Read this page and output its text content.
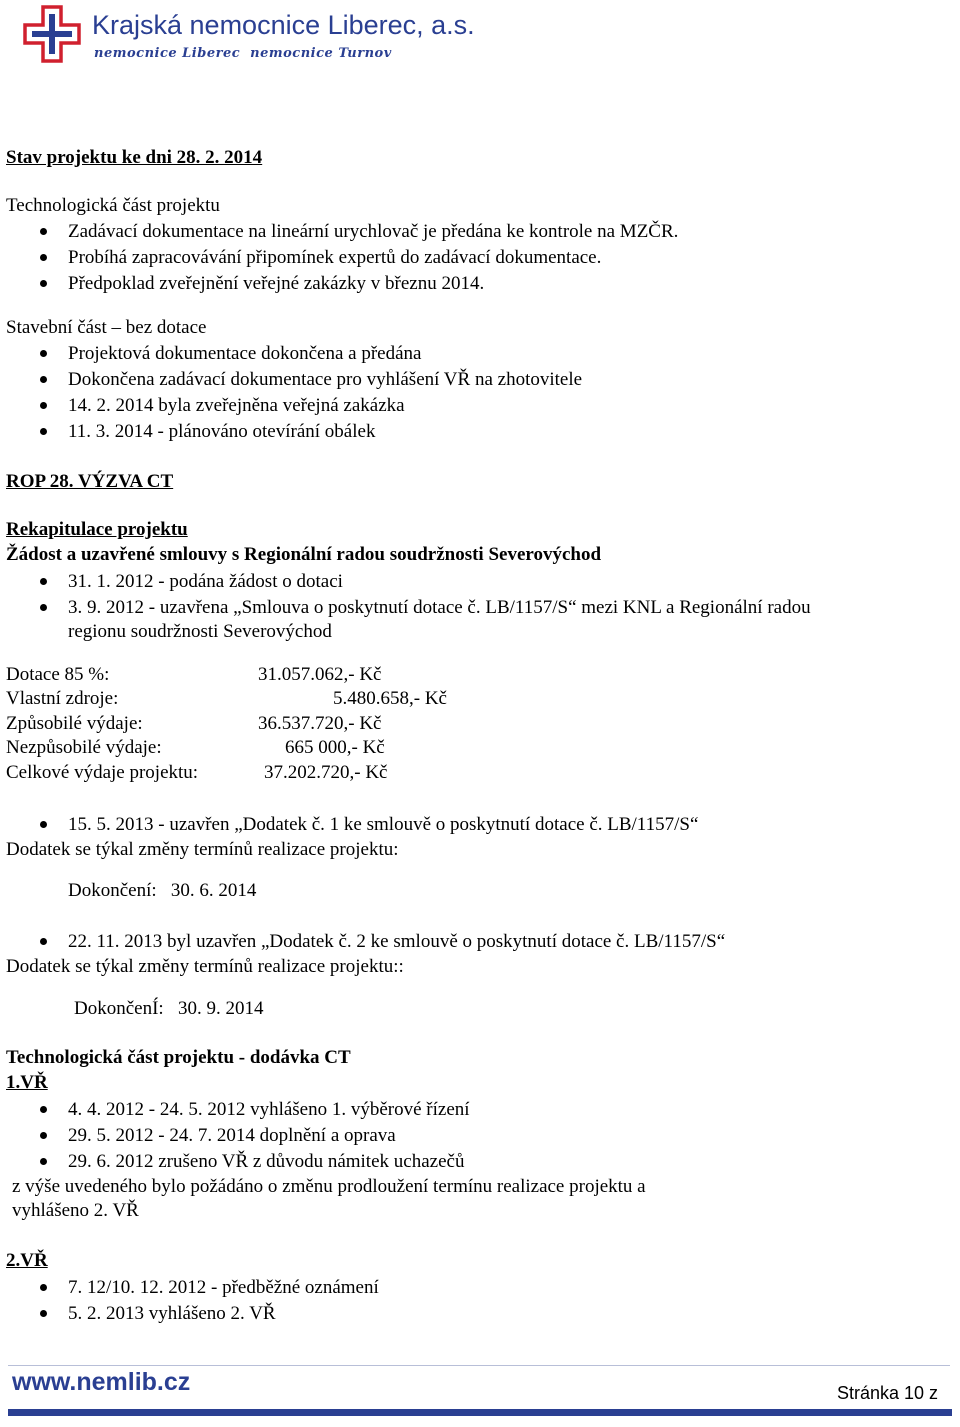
Krajská nemocnice Liberec, a.s.
nemocnice Liberec nemocnice Turnov
Stav projektu ke dni 28. 2. 2014
Technologická část projektu
Zadávací dokumentace na lineární urychlovač je předána ke kontrole na MZČR.
Probíhá zapracovávání připomínek expertů do zadávací dokumentace.
Předpoklad zveřejnění veřejné zakázky v březnu 2014.
Stavební část – bez dotace
Projektová dokumentace dokončena a předána
Dokončena zadávací dokumentace pro vyhlášení VŘ na zhotovitele
14. 2. 2014 byla zveřejněna veřejná zakázka
11. 3. 2014 - plánováno otevírání obálek
ROP 28. VÝZVA CT
Rekapitulace projektu
Žádost a uzavřené smlouvy s Regionální radou soudržnosti Severovýchod
31. 1. 2012 - podána žádost o dotaci
3. 9. 2012 - uzavřena „Smlouva o poskytnutí dotace č. LB/1157/S“ mezi KNL a Regionální radou
regionu soudržnosti Severovýchod
Dotace 85 %:	31.057.062,- Kč
Vlastní zdroje:	5.480.658,- Kč
Způsobilé výdaje:	36.537.720,- Kč
Nezpůsobilé výdaje:	665 000,- Kč
Celkové výdaje projektu:	37.202.720,- Kč
15. 5. 2013 - uzavřen „Dodatek č. 1 ke smlouvě o poskytnutí dotace č. LB/1157/S“
Dodatek se týkal změny termínů realizace projektu:
Dokončení:   30. 6. 2014
22. 11. 2013 byl uzavřen „Dodatek č. 2 ke smlouvě o poskytnutí dotace č. LB/1157/S“
Dodatek se týkal změny termínů realizace projektu::
DokončenÍ:   30. 9. 2014
Technologická část projektu - dodávka CT
1.VŘ
4. 4. 2012 - 24. 5. 2012 vyhlášeno 1. výběrové řízení
29. 5. 2012 - 24. 7. 2014 doplnění a oprava
29. 6. 2012 zrušeno VŘ z důvodu námitek uchazečů
z výše uvedeného bylo požádáno o změnu prodloužení termínu realizace projektu a
vyhlášeno 2. VŘ
2.VŘ
7. 12/10. 12. 2012 - předběžné oznámení
5. 2. 2013 vyhlášeno 2. VŘ
www.nemlib.cz	Stránka 10 z
